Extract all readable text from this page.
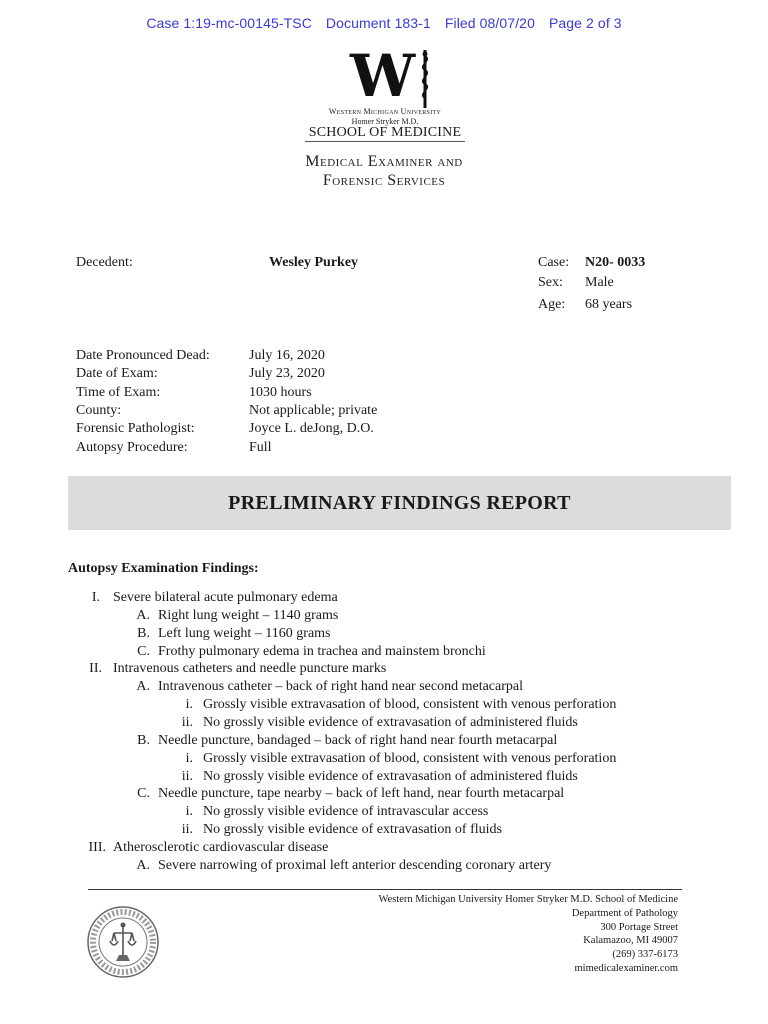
Case 1:19-mc-00145-TSC Document 183-1 Filed 08/07/20 Page 2 of 3
W
Western Michigan University
Homer Stryker M.D.
SCHOOL OF MEDICINE
Medical Examiner and
Forensic Services
Decedent:	Wesley Purkey	Case: N20- 0033
Sex: Male
Age: 68 years
Date Pronounced Dead:	July 16, 2020
Date of Exam:	July 23, 2020
Time of Exam:	1030 hours
County:	Not applicable; private
Forensic Pathologist:	Joyce L. deJong, D.O.
Autopsy Procedure:	Full
PRELIMINARY FINDINGS REPORT
Autopsy Examination Findings:
I. Severe bilateral acute pulmonary edema
A. Right lung weight – 1140 grams
B. Left lung weight – 1160 grams
C. Frothy pulmonary edema in trachea and mainstem bronchi
II. Intravenous catheters and needle puncture marks
A. Intravenous catheter – back of right hand near second metacarpal
i. Grossly visible extravasation of blood, consistent with venous perforation
ii. No grossly visible evidence of extravasation of administered fluids
B. Needle puncture, bandaged – back of right hand near fourth metacarpal
i. Grossly visible extravasation of blood, consistent with venous perforation
ii. No grossly visible evidence of extravasation of administered fluids
C. Needle puncture, tape nearby – back of left hand, near fourth metacarpal
i. No grossly visible evidence of intravascular access
ii. No grossly visible evidence of extravasation of fluids
III. Atherosclerotic cardiovascular disease
A. Severe narrowing of proximal left anterior descending coronary artery
Western Michigan University Homer Stryker M.D. School of Medicine
Department of Pathology
300 Portage Street
Kalamazoo, MI 49007
(269) 337-6173
mimedicalexaminer.com
